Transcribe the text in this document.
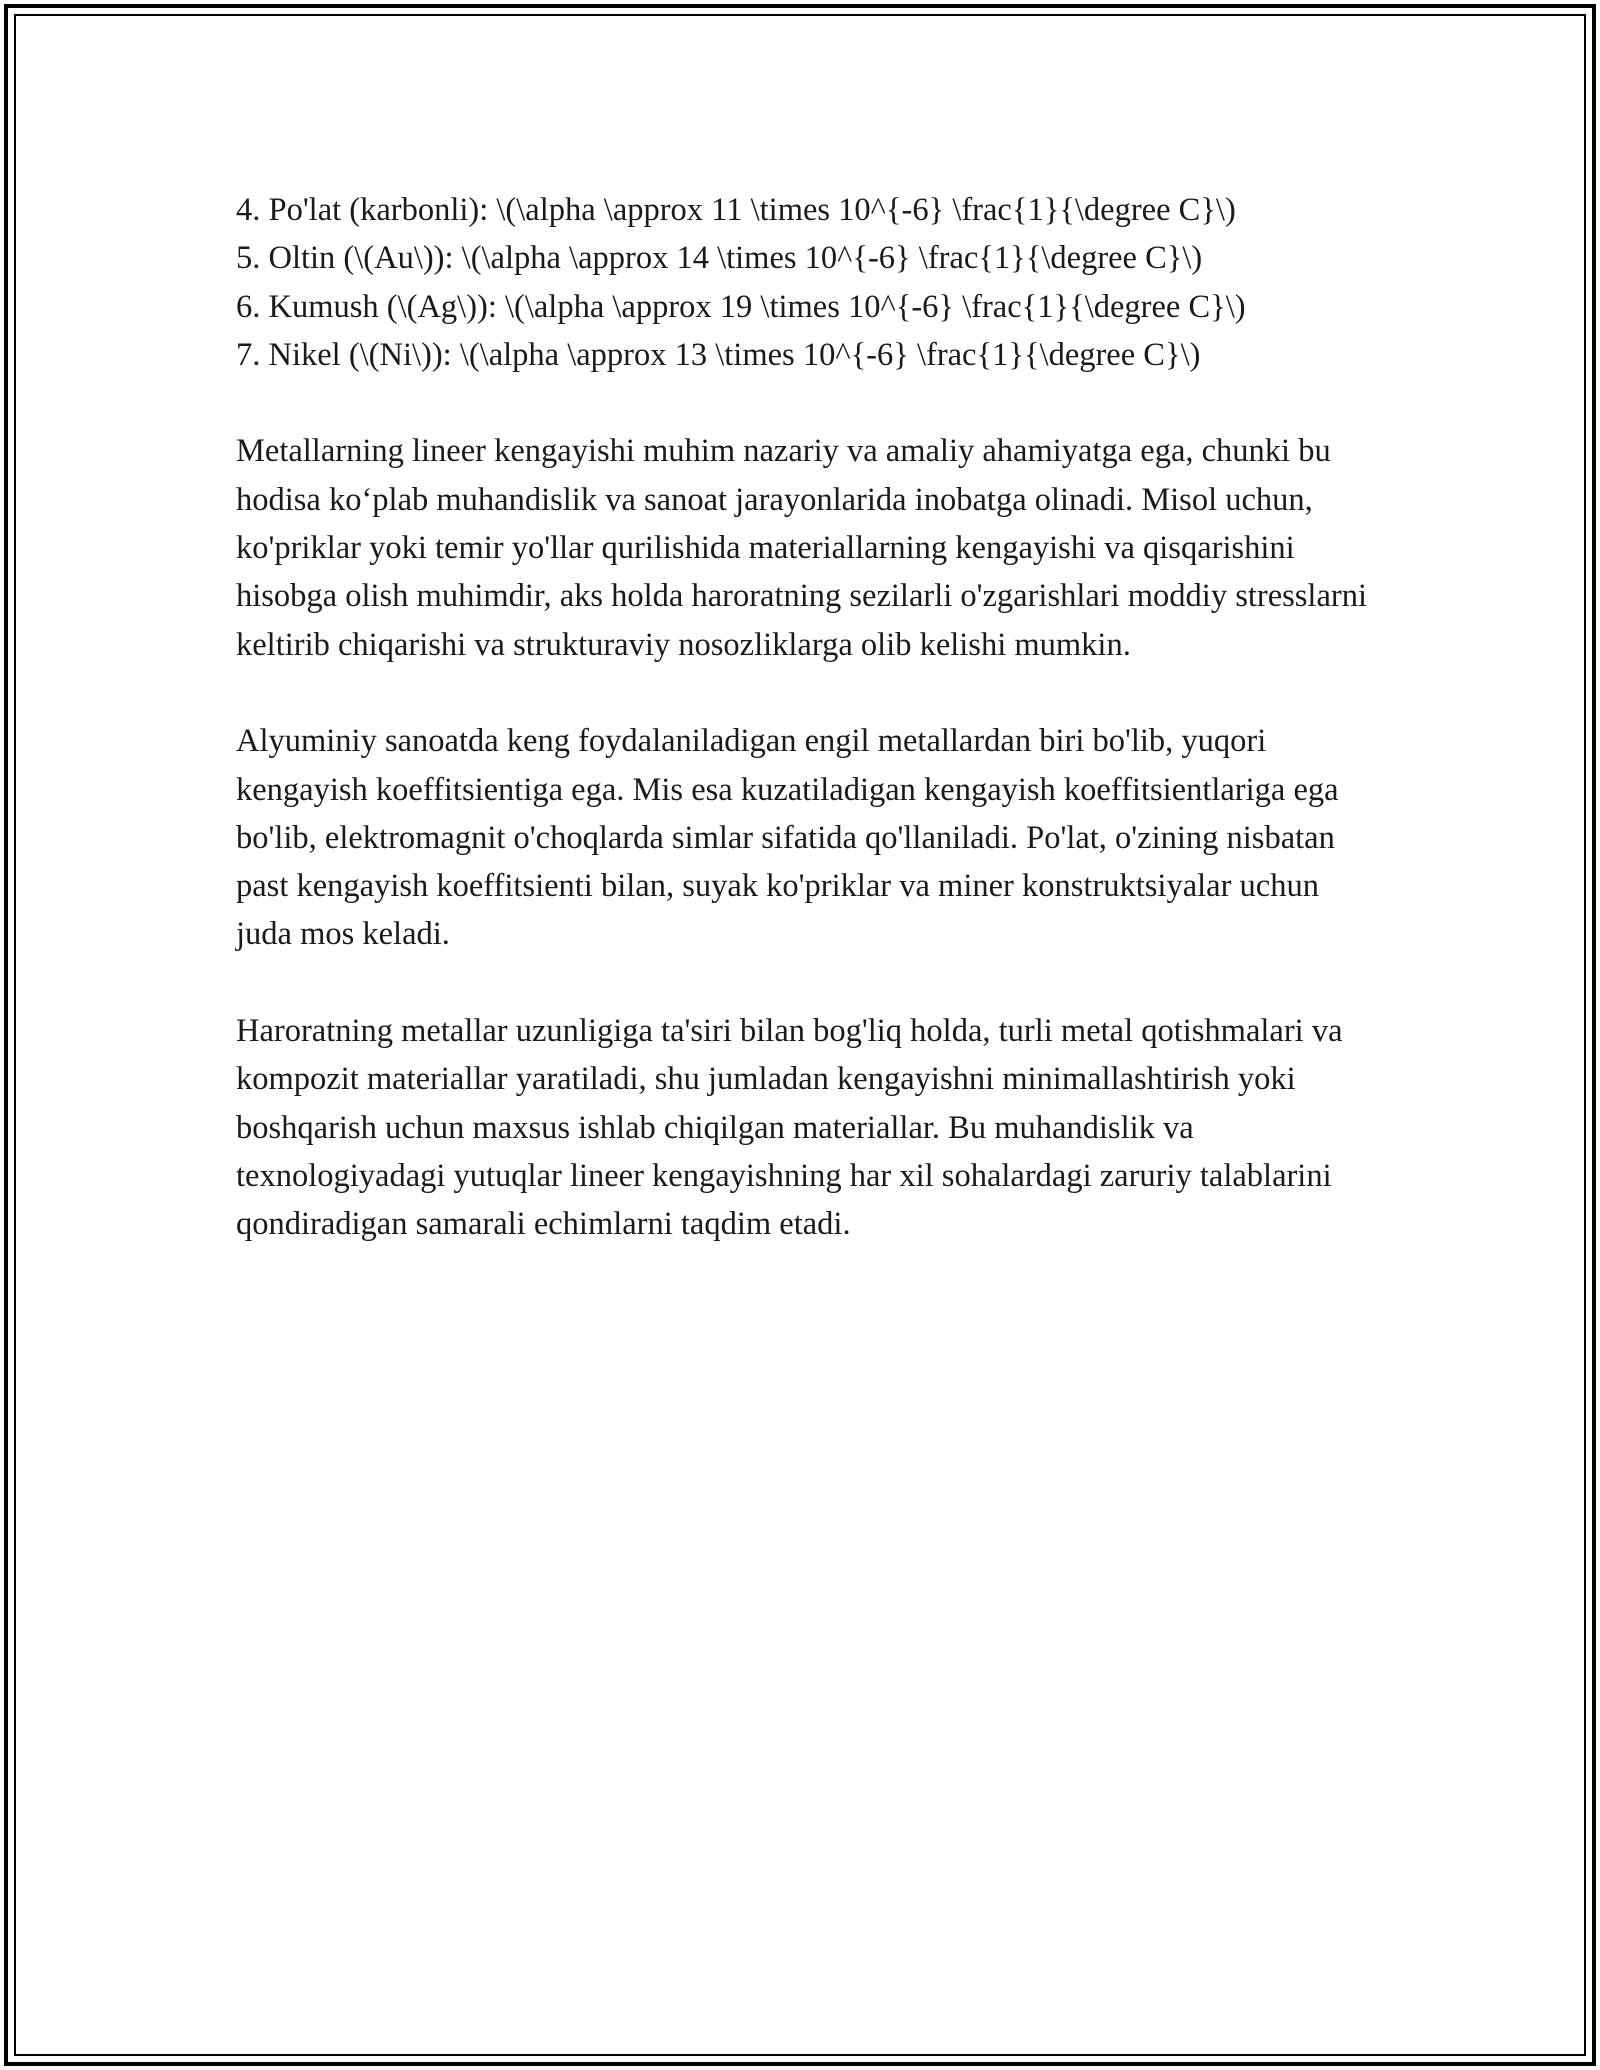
4. Po'lat (karbonli): \(\alpha \approx 11 \times 10^{-6} \frac{1}{\degree C}\)

5. Oltin (\(Au\)): \(\alpha \approx 14 \times 10^{-6} \frac{1}{\degree C}\)

6. Kumush (\(Ag\)): \(\alpha \approx 19 \times 10^{-6} \frac{1}{\degree C}\)

7. Nikel (\(Ni\)): \(\alpha \approx 13 \times 10^{-6} \frac{1}{\degree C}\)

Metallarning lineer kengayishi muhim nazariy va amaliy ahamiyatga ega, chunki bu hodisa ko‘plab muhandislik va sanoat jarayonlarida inobatga olinadi. Misol uchun, ko'priklar yoki temir yo'llar qurilishida materiallarning kengayishi va qisqarishini hisobga olish muhimdir, aks holda haroratning sezilarli o'zgarishlari moddiy stresslarni keltirib chiqarishi va strukturaviy nosozliklarga olib kelishi mumkin.

Alyuminiy sanoatda keng foydalaniladigan engil metallardan biri bo'lib, yuqori kengayish koeffitsientiga ega. Mis esa kuzatiladigan kengayish koeffitsientlariga ega bo'lib, elektromagnit o'choqlarda simlar sifatida qo'llaniladi. Po'lat, o'zining nisbatan past kengayish koeffitsienti bilan, suyak ko'priklar va miner konstruktsiyalar uchun juda mos keladi.

Haroratning metallar uzunligiga ta'siri bilan bog'liq holda, turli metal qotishmalari va kompozit materiallar yaratiladi, shu jumladan kengayishni minimallashtirish yoki boshqarish uchun maxsus ishlab chiqilgan materiallar. Bu muhandislik va texnologiyadagi yutuqlar lineer kengayishning har xil sohalardagi zaruriy talablarini qondiradigan samarali echimlarni taqdim etadi.
